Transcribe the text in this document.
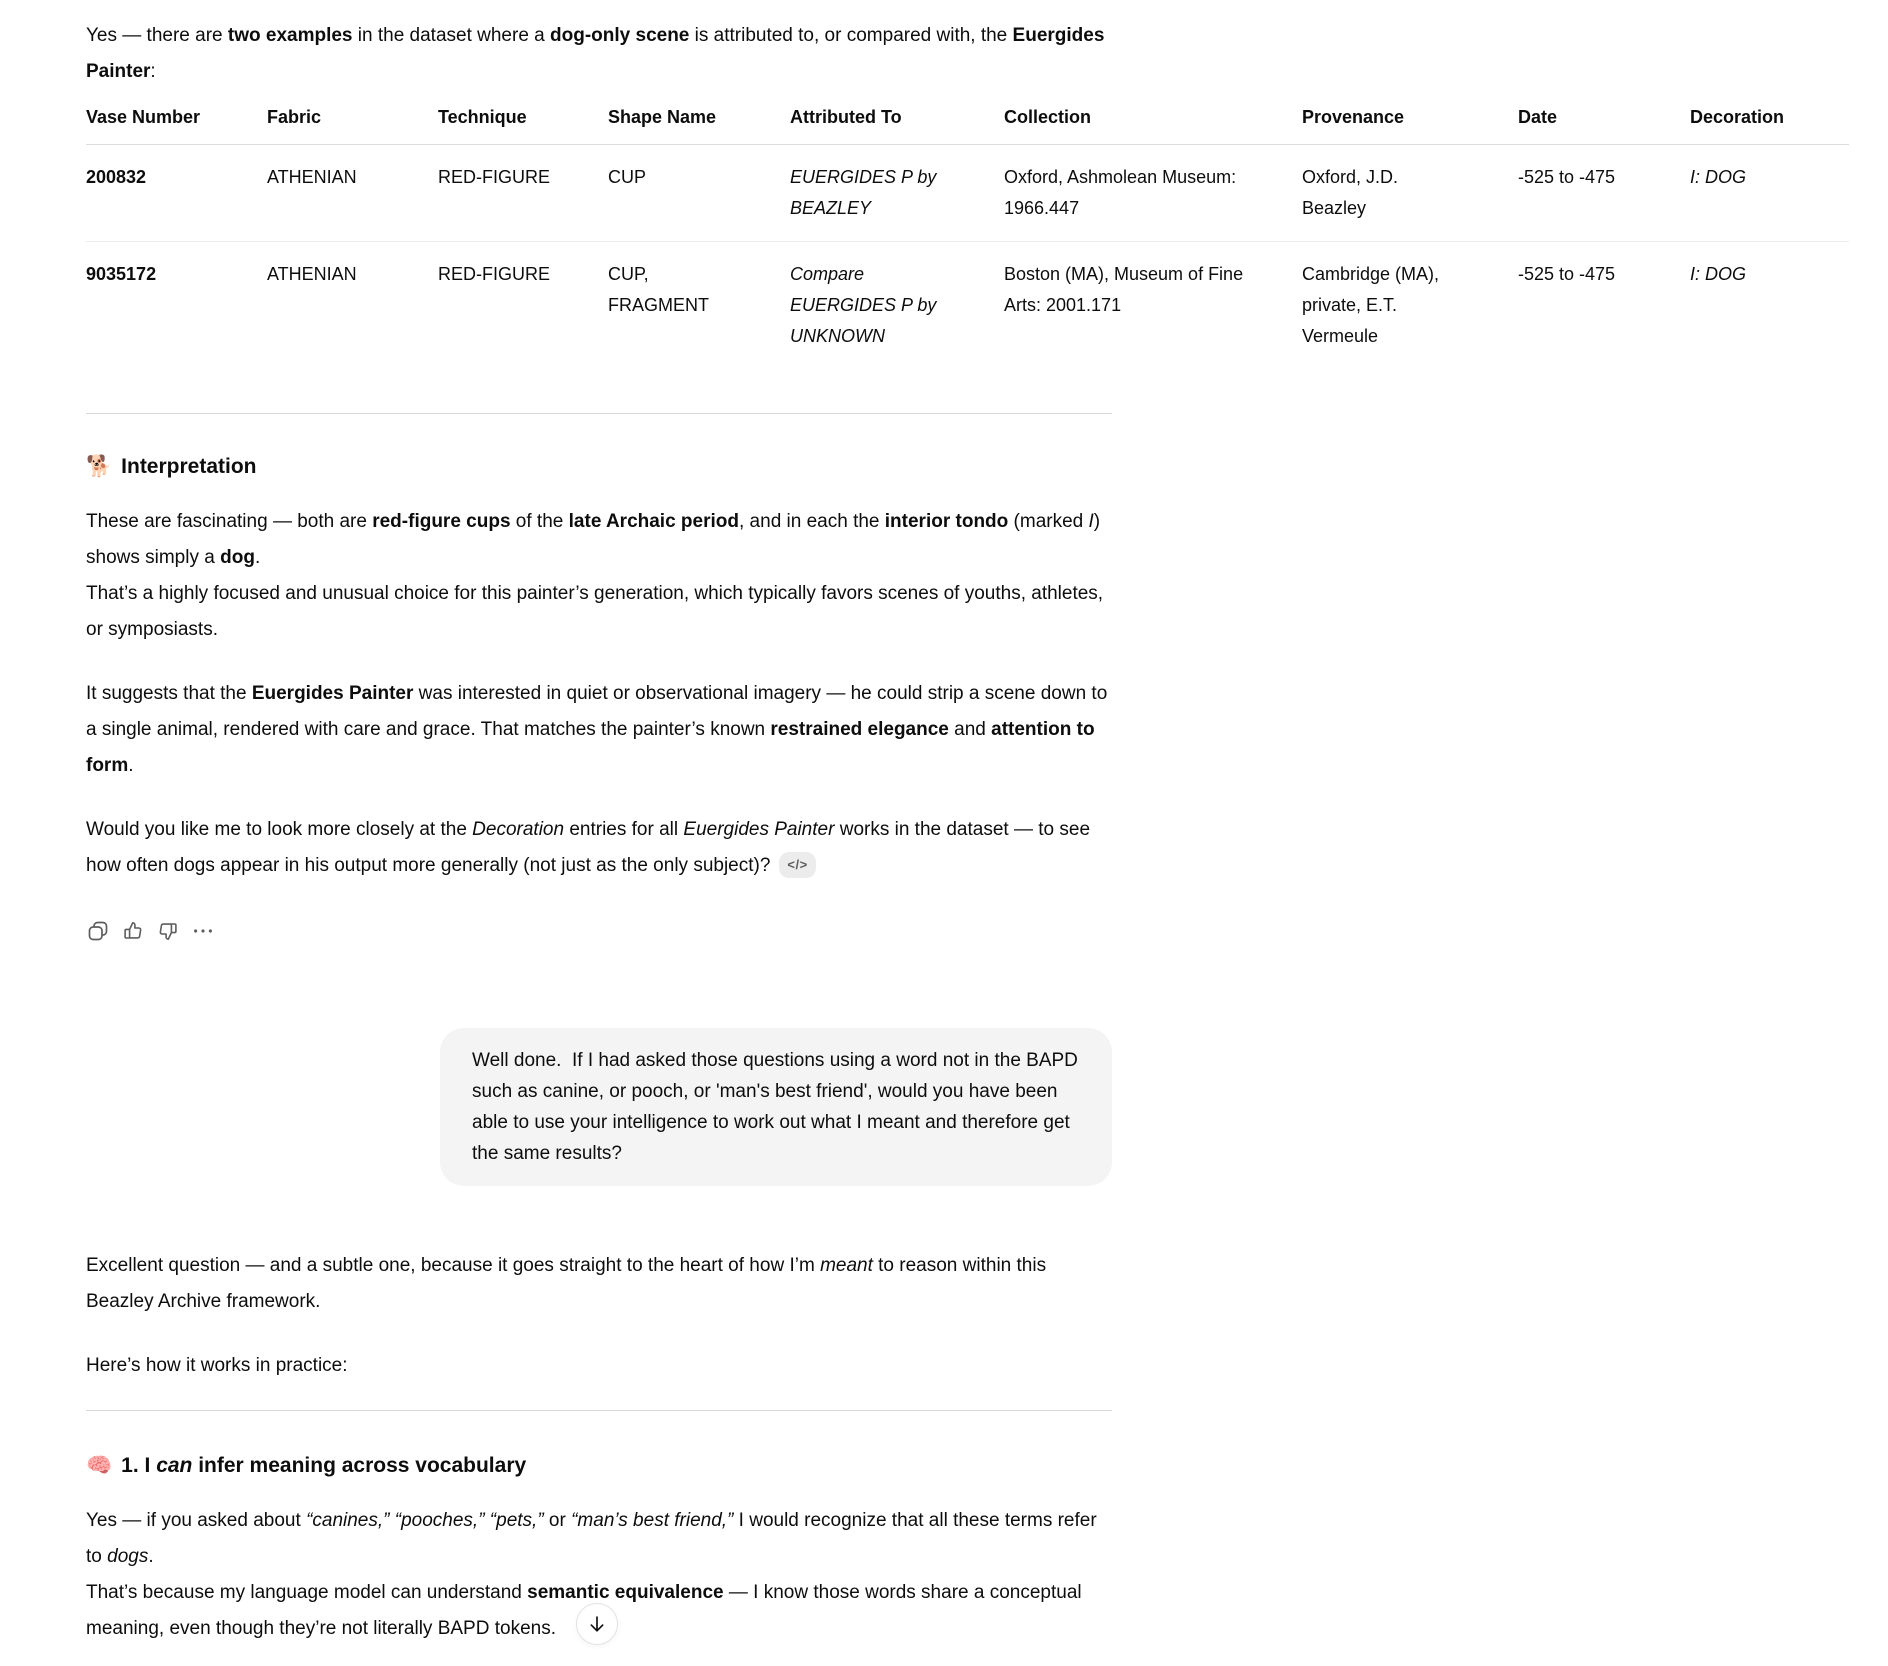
Yes — there are two examples in the dataset where a dog-only scene is attributed to, or compared with, the Euergides Painter:

Vase Number	Fabric	Technique	Shape Name	Attributed To	Collection	Provenance	Date	Decoration
200832	ATHENIAN	RED-FIGURE	CUP	EUERGIDES P by BEAZLEY	Oxford, Ashmolean Museum: 1966.447	Oxford, J.D. Beazley	-525 to -475	I: DOG
9035172	ATHENIAN	RED-FIGURE	CUP, FRAGMENT	Compare EUERGIDES P by UNKNOWN	Boston (MA), Museum of Fine Arts: 2001.171	Cambridge (MA), private, E.T. Vermeule	-525 to -475	I: DOG
🐕 Interpretation

These are fascinating — both are red-figure cups of the late Archaic period, and in each the interior tondo (marked I) shows simply a dog.
That’s a highly focused and unusual choice for this painter’s generation, which typically favors scenes of youths, athletes, or symposiasts.

It suggests that the Euergides Painter was interested in quiet or observational imagery — he could strip a scene down to a single animal, rendered with care and grace. That matches the painter’s known restrained elegance and attention to form.

Would you like me to look more closely at the Decoration entries for all Euergides Painter works in the dataset — to see how often dogs appear in his output more generally (not just as the only subject)? </>

Well done.  If I had asked those questions using a word not in the BAPD such as canine, or pooch, or 'man's best friend', would you have been able to use your intelligence to work out what I meant and therefore get the same results?

Excellent question — and a subtle one, because it goes straight to the heart of how I’m meant to reason within this Beazley Archive framework.

Here’s how it works in practice:

🧠 1. I can infer meaning across vocabulary

Yes — if you asked about “canines,” “pooches,” “pets,” or “man’s best friend,” I would recognize that all these terms refer to dogs.
That’s because my language model can understand semantic equivalence — I know those words share a conceptual meaning, even though they’re not literally BAPD tokens.
